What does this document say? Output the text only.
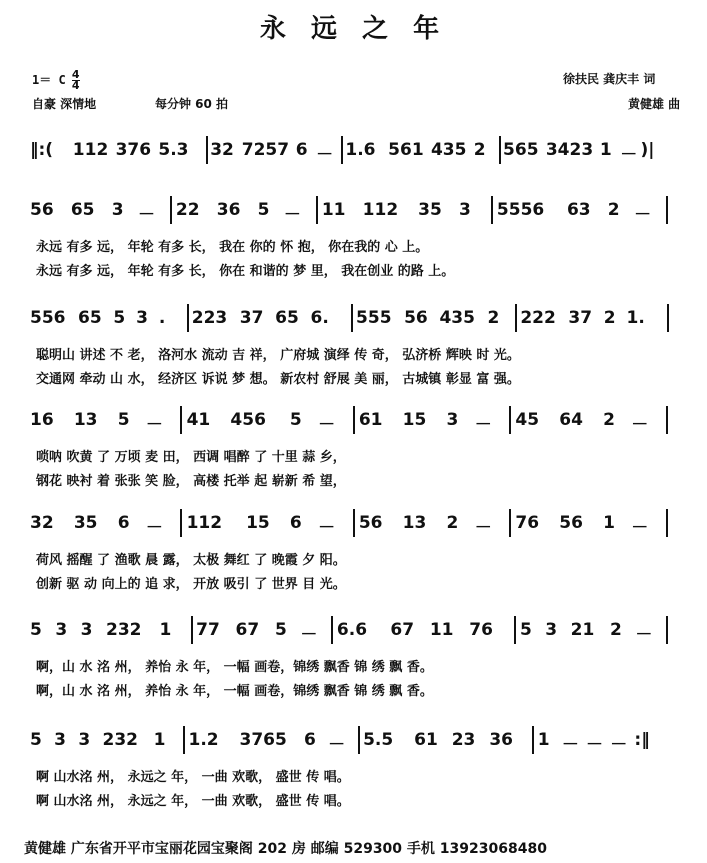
永 远 之 年
1＝ C $\frac{4}{4}$
自豪 深情地	每分钟 60 拍
徐扶民 龚庆丰 词
黄健雄 曲
‖:( 112 376 5.3 32 7257 6 － 1.6 561 435 2 565 3423 1 － )|
56 65 3 － 22 36 5 － 11 112 35 3 5556 63 2 －
永远 有多 远， 年轮 有多 长， 我在 你的 怀 抱， 你在我的 心 上。
永远 有多 远， 年轮 有多 长， 你在 和谐的 梦 里， 我在创业 的路 上。
556 65 5 3 . 223 37 65 6. 555 56 435 2 222 37 2 1.
聪明山 讲述 不 老， 洛河水 流动 吉 祥， 广府城 演绎 传 奇， 弘济桥 辉映 时 光。
交通网 牵动 山 水， 经济区 诉说 梦 想。 新农村 舒展 美 丽， 古城镇 彰显 富 强。
16 13 5 － 41 456 5 － 61 15 3 － 45 64 2 －
唢呐 吹黄 了 万顷 麦 田， 西调 唱醉 了 十里 蒜 乡，
钢花 映衬 着 张张 笑 脸， 高楼 托举 起 崭新 希 望，
32 35 6 － 112 15 6 － 56 13 2 － 76 56 1 －
荷风 摇醒 了 渔歌 晨 露， 太极 舞红 了 晚霞 夕 阳。
创新 驱 动 向上的 追 求， 开放 吸引 了 世界 目 光。
5 3 3 232 1 77 67 5 － 6.6 67 11 76 5 3 21 2 －
啊，山 水 洺 州， 养怡 永 年， 一幅 画卷，锦绣 飘香 锦 绣 飘 香。
啊，山 水 洺 州， 养怡 永 年， 一幅 画卷，锦绣 飘香 锦 绣 飘 香。
5 3 3 232 1 1.2 3765 6 － 5.5 61 23 36 1 － － － :‖
啊 山水洺 州， 永远之 年， 一曲 欢歌， 盛世 传 唱。
啊 山水洺 州， 永远之 年， 一曲 欢歌， 盛世 传 唱。
黄健雄 广东省开平市宝丽花园宝聚阁 202 房 邮编 529300 手机 13923068480
